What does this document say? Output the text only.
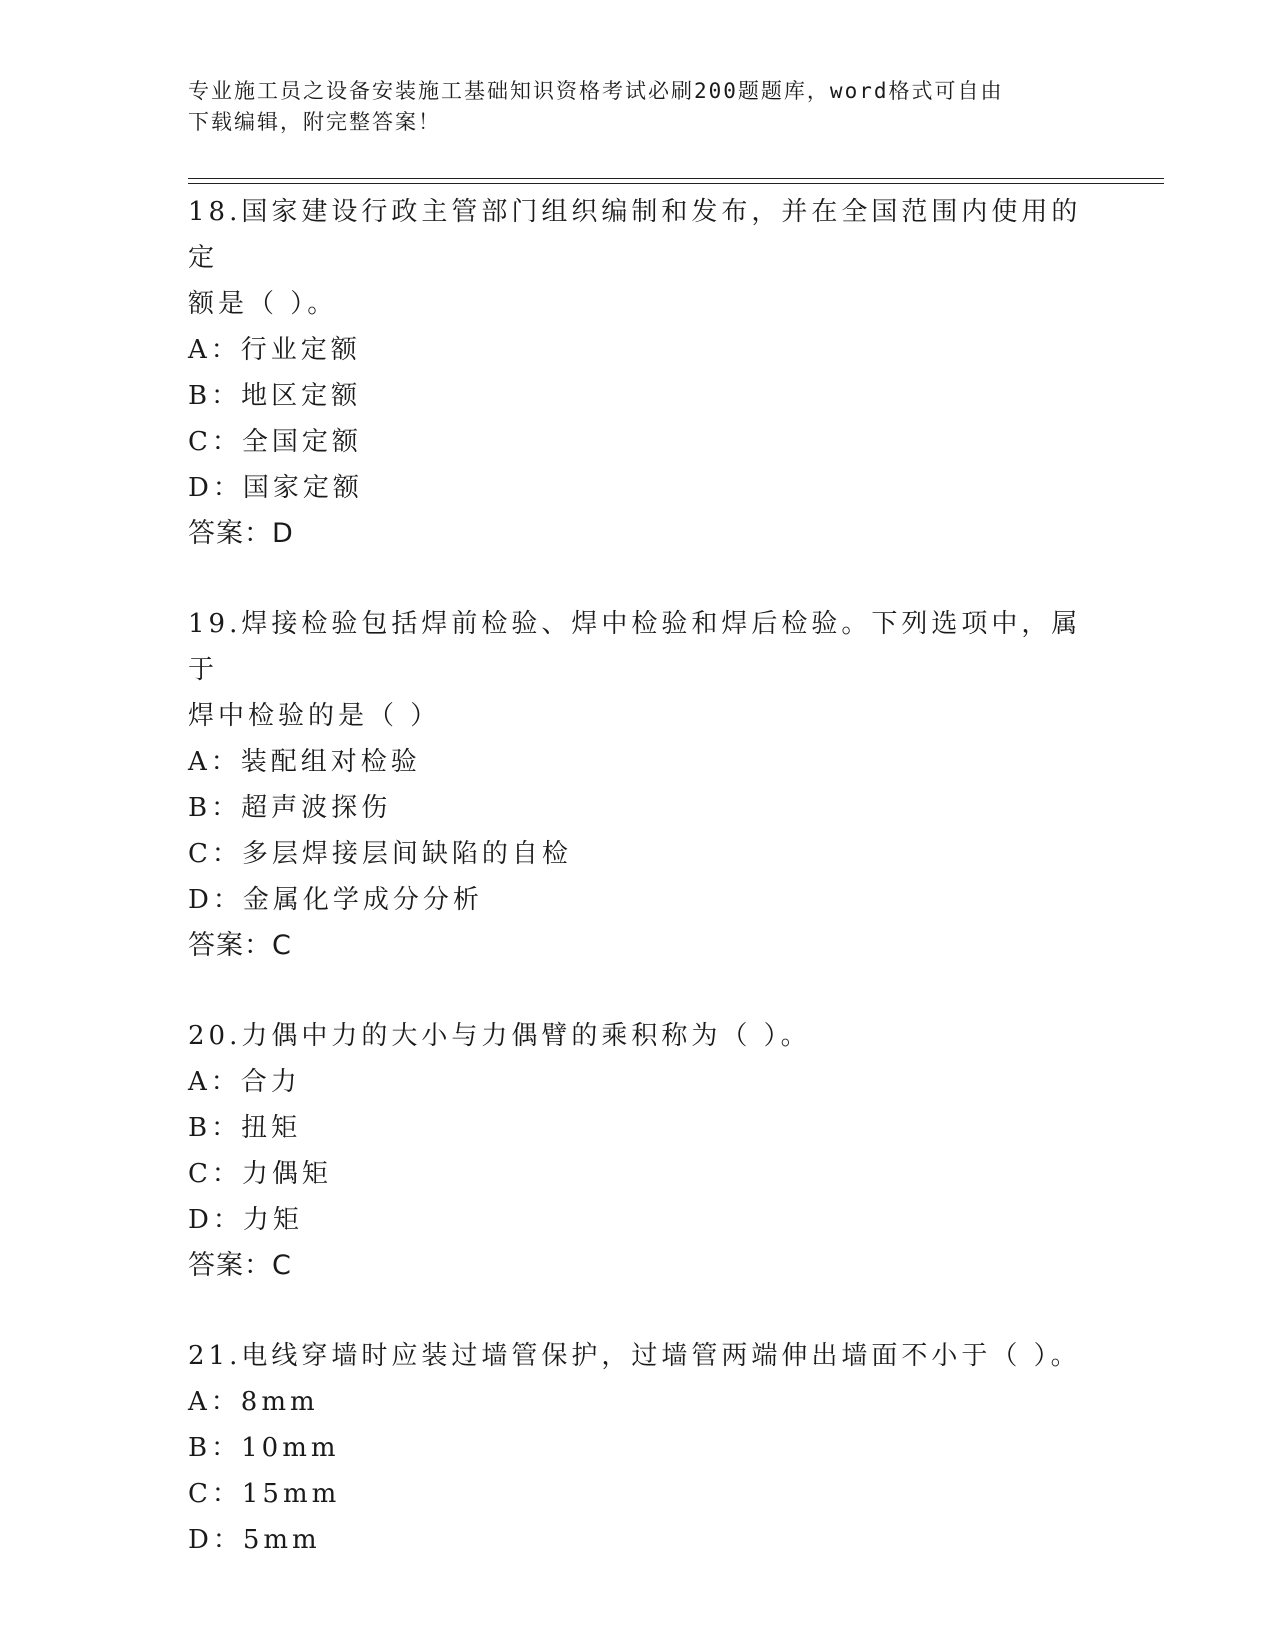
专业施工员之设备安装施工基础知识资格考试必刷200题题库，word格式可自由
下载编辑，附完整答案！
18.国家建设行政主管部门组织编制和发布，并在全国范围内使用的定
额是（ ）。
A：行业定额
B：地区定额
C：全国定额
D：国家定额
答案：D
19.焊接检验包括焊前检验、焊中检验和焊后检验。下列选项中，属于
焊中检验的是（ ）
A：装配组对检验
B：超声波探伤
C：多层焊接层间缺陷的自检
D：金属化学成分分析
答案：C
20.力偶中力的大小与力偶臂的乘积称为（ ）。
A：合力
B：扭矩
C：力偶矩
D：力矩
答案：C
21.电线穿墙时应装过墙管保护，过墙管两端伸出墙面不小于（ ）。
A：8mm
B：10mm
C：15mm
D：5mm
